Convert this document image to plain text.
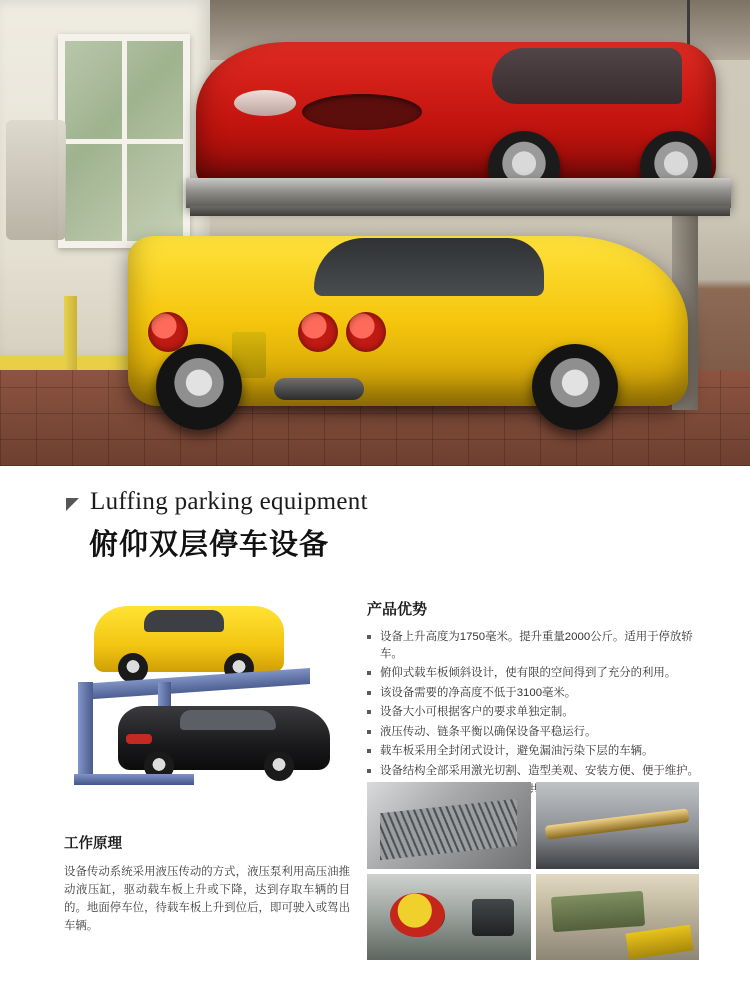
Luffing parking equipment
俯仰双层停车设备
产品优势
设备上升高度为1750毫米。提升重量2000公斤。适用于停放轿车。
俯仰式载车板倾斜设计，使有限的空间得到了充分的利用。
该设备需要的净高度不低于3100毫米。
设备大小可根据客户的要求单独定制。
液压传动、链条平衡以确保设备平稳运行。
载车板采用全封闭式设计，避免漏油污染下层的车辆。
设备结构全部采用激光切割、造型美观、安装方便、便于维护。
工作原理

设备传动系统采用液压传动的方式，液压泵利用高压油推动液压缸，驱动载车板上升或下降，达到存取车辆的目的。地面停车位，待载车板上升到位后，即可驶入或驾出车辆。
